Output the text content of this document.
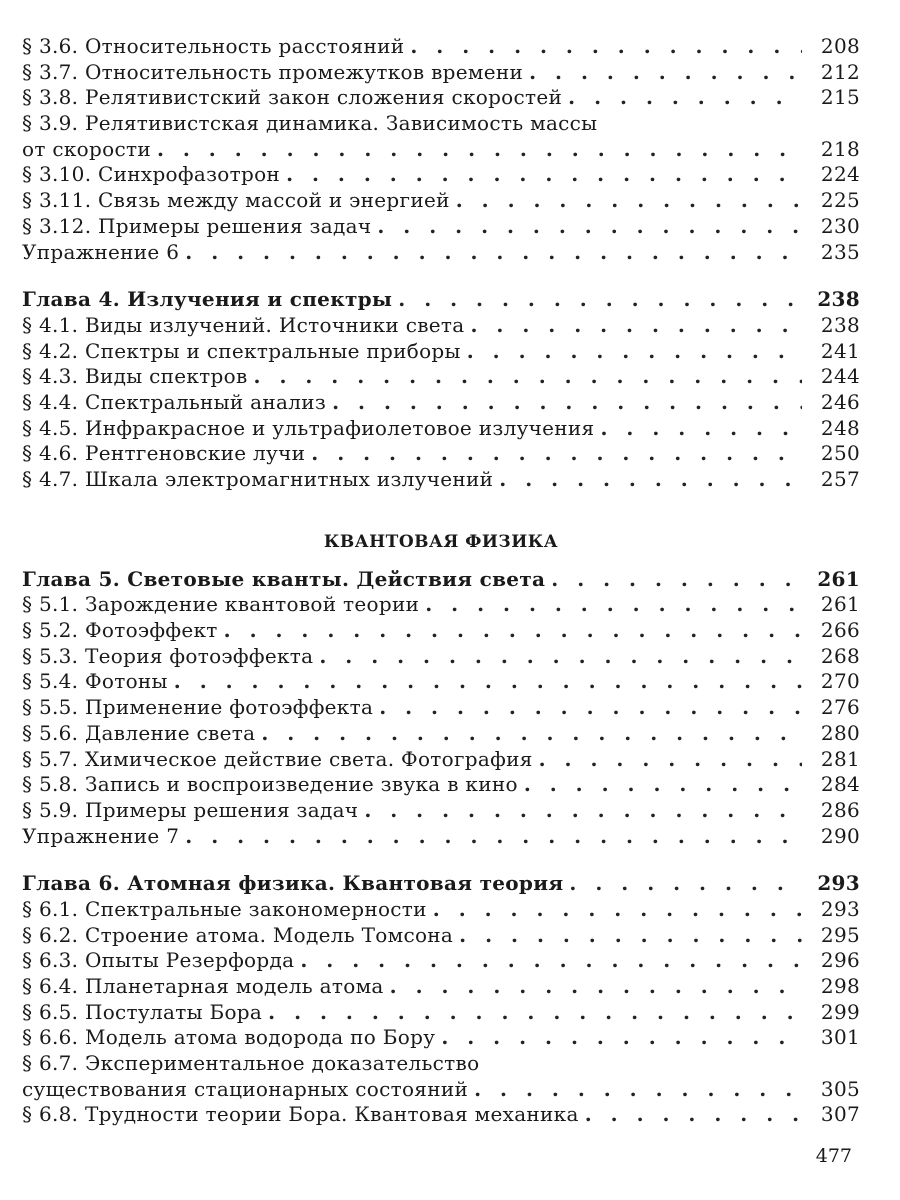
§ 3.6. Относительность расстояний . . .	208
§ 3.7. Относительность промежутков времени . . .	212
§ 3.8. Релятивистский закон сложения скоростей . . .	215
§ 3.9. Релятивистская динамика. Зависимость массы
от скорости . . .	218
§ 3.10. Синхрофазотрон . . .	224
§ 3.11. Связь между массой и энергией . . .	225
§ 3.12. Примеры решения задач . . .	230
Упражнение 6 . . .	235
Глава 4. Излучения и спектры . . .	238
§ 4.1. Виды излучений. Источники света . . .	238
§ 4.2. Спектры и спектральные приборы . . .	241
§ 4.3. Виды спектров . . .	244
§ 4.4. Спектральный анализ . . .	246
§ 4.5. Инфракрасное и ультрафиолетовое излучения . . .	248
§ 4.6. Рентгеновские лучи . . .	250
§ 4.7. Шкала электромагнитных излучений . . .	257
КВАНТОВАЯ ФИЗИКА
Глава 5. Световые кванты. Действия света . . .	261
§ 5.1. Зарождение квантовой теории . . .	261
§ 5.2. Фотоэффект . . .	266
§ 5.3. Теория фотоэффекта . . .	268
§ 5.4. Фотоны . . .	270
§ 5.5. Применение фотоэффекта . . .	276
§ 5.6. Давление света . . .	280
§ 5.7. Химическое действие света. Фотография . . .	281
§ 5.8. Запись и воспроизведение звука в кино . . .	284
§ 5.9. Примеры решения задач . . .	286
Упражнение 7 . . .	290
Глава 6. Атомная физика. Квантовая теория . . .	293
§ 6.1. Спектральные закономерности . . .	293
§ 6.2. Строение атома. Модель Томсона . . .	295
§ 6.3. Опыты Резерфорда . . .	296
§ 6.4. Планетарная модель атома . . .	298
§ 6.5. Постулаты Бора . . .	299
§ 6.6. Модель атома водорода по Бору . . .	301
§ 6.7. Экспериментальное доказательство
существования стационарных состояний . . .	305
§ 6.8. Трудности теории Бора. Квантовая механика . . .	307
477
